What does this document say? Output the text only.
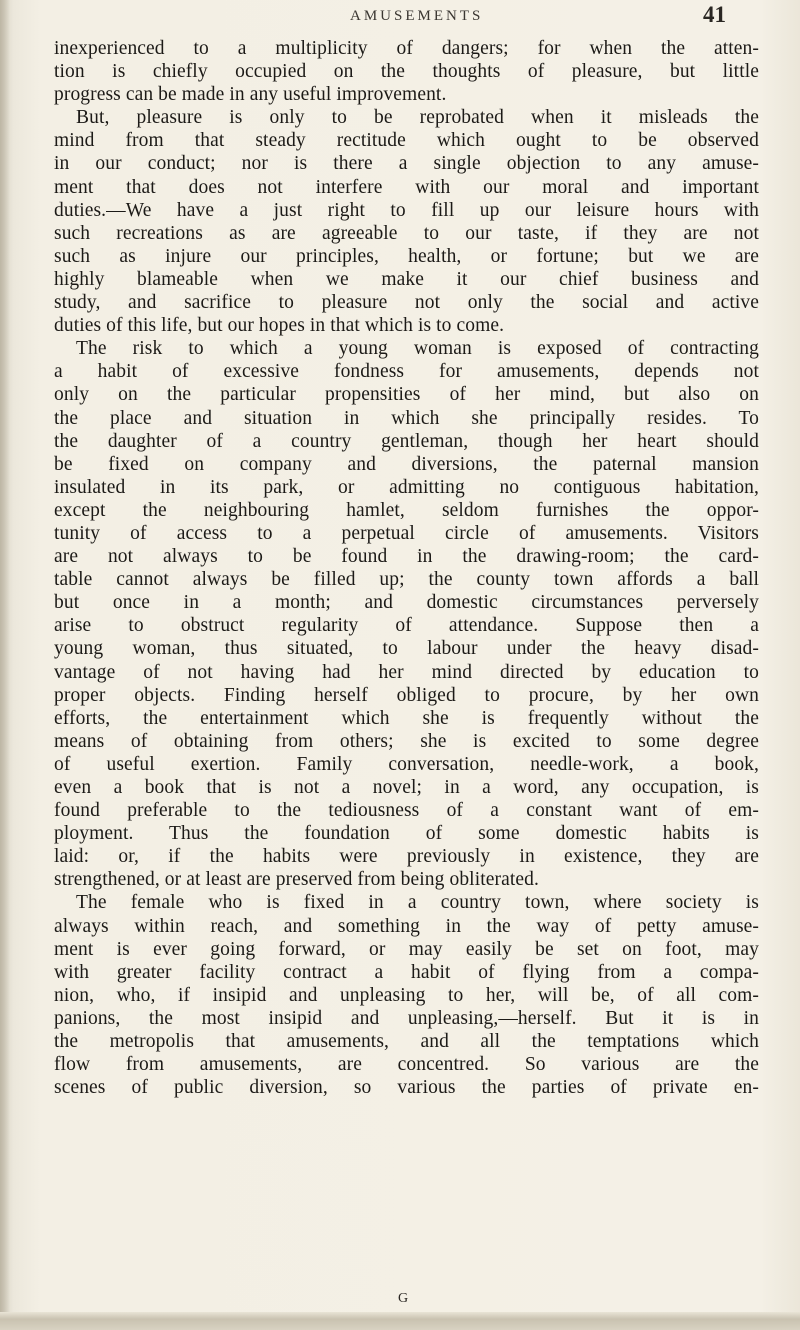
AMUSEMENTS	41
inexperienced to a multiplicity of dangers; for when the atten-
tion is chiefly occupied on the thoughts of pleasure, but little
progress can be made in any useful improvement.
But, pleasure is only to be reprobated when it misleads the
mind from that steady rectitude which ought to be observed
in our conduct; nor is there a single objection to any amuse-
ment that does not interfere with our moral and important
duties.—We have a just right to fill up our leisure hours with
such recreations as are agreeable to our taste, if they are not
such as injure our principles, health, or fortune; but we are
highly blameable when we make it our chief business and
study, and sacrifice to pleasure not only the social and active
duties of this life, but our hopes in that which is to come.
The risk to which a young woman is exposed of contracting
a habit of excessive fondness for amusements, depends not
only on the particular propensities of her mind, but also on
the place and situation in which she principally resides. To
the daughter of a country gentleman, though her heart should
be fixed on company and diversions, the paternal mansion
insulated in its park, or admitting no contiguous habitation,
except the neighbouring hamlet, seldom furnishes the oppor-
tunity of access to a perpetual circle of amusements. Visitors
are not always to be found in the drawing-room; the card-
table cannot always be filled up; the county town affords a ball
but once in a month; and domestic circumstances perversely
arise to obstruct regularity of attendance. Suppose then a
young woman, thus situated, to labour under the heavy disad-
vantage of not having had her mind directed by education to
proper objects. Finding herself obliged to procure, by her own
efforts, the entertainment which she is frequently without the
means of obtaining from others; she is excited to some degree
of useful exertion. Family conversation, needle-work, a book,
even a book that is not a novel; in a word, any occupation, is
found preferable to the tediousness of a constant want of em-
ployment. Thus the foundation of some domestic habits is
laid: or, if the habits were previously in existence, they are
strengthened, or at least are preserved from being obliterated.
The female who is fixed in a country town, where society is
always within reach, and something in the way of petty amuse-
ment is ever going forward, or may easily be set on foot, may
with greater facility contract a habit of flying from a compa-
nion, who, if insipid and unpleasing to her, will be, of all com-
panions, the most insipid and unpleasing,—herself. But it is in
the metropolis that amusements, and all the temptations which
flow from amusements, are concentred. So various are the
scenes of public diversion, so various the parties of private en-
G
